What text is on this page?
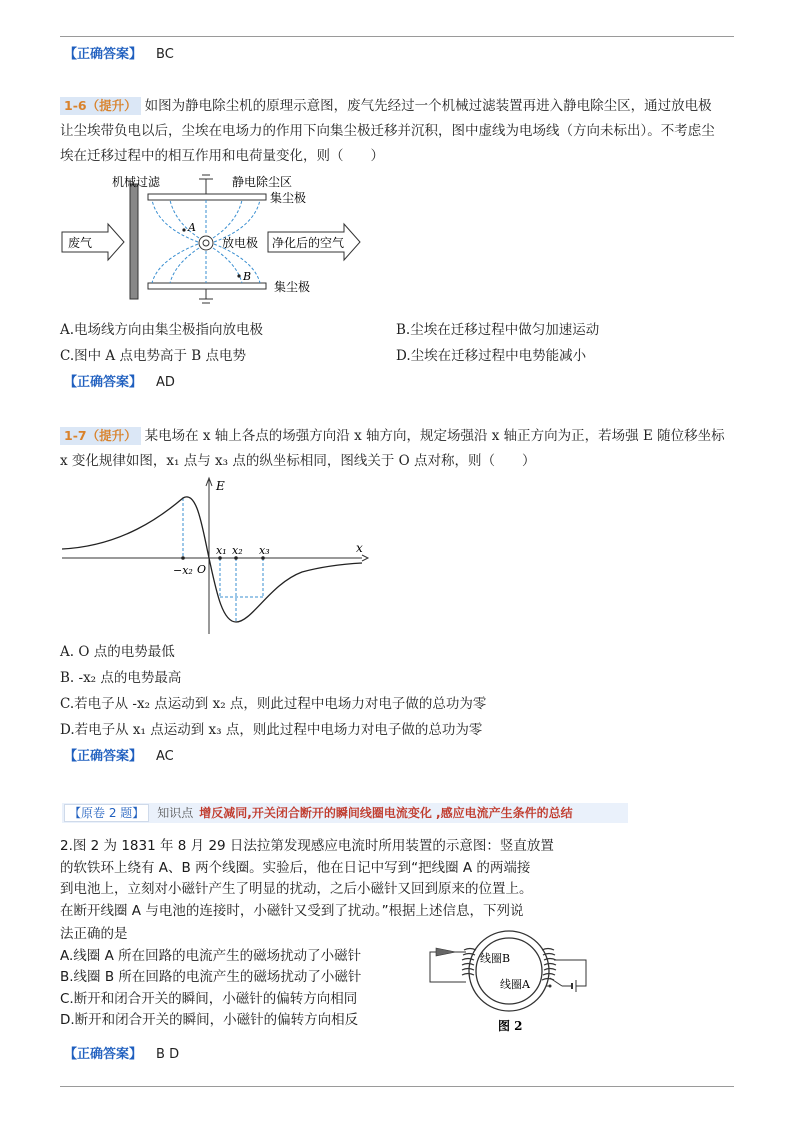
【正确答案】 BC
1-6（提升） 如图为静电除尘机的原理示意图，废气先经过一个机械过滤装置再进入静电除尘区，通过放电极
让尘埃带负电以后，尘埃在电场力的作用下向集尘极迁移并沉积，图中虚线为电场线（方向未标出）。不考虑尘
埃在迁移过程中的相互作用和电荷量变化，则（　　）
机械过滤	静电除尘区
集尘极
集尘极
放电极
A
B
废气	净化后的空气
A.电场线方向由集尘极指向放电极	B.尘埃在迁移过程中做匀加速运动
C.图中 A 点电势高于 B 点电势	D.尘埃在迁移过程中电势能减小
【正确答案】 AD
1-7（提升） 某电场在 x 轴上各点的场强方向沿 x 轴方向，规定场强沿 x 轴正方向为正，若场强 E 随位移坐标
x 变化规律如图，x₁ 点与 x₃ 点的纵坐标相同，图线关于 O 点对称，则（　　）
E
x
−x₂ O
x₁ x₂ x₃
A. O 点的电势最低
B. -x₂ 点的电势最高
C.若电子从 -x₂ 点运动到 x₂ 点，则此过程中电场力对电子做的总功为零
D.若电子从 x₁ 点运动到 x₃ 点，则此过程中电场力对电子做的总功为零
【正确答案】 AC
【原卷 2 题】 知识点 增反减同,开关闭合断开的瞬间线圈电流变化 ,感应电流产生条件的总结
2.图 2 为 1831 年 8 月 29 日法拉第发现感应电流时所用装置的示意图：竖直放置
的软铁环上绕有 A、B 两个线圈。实验后，他在日记中写到“把线圈 A 的两端接
到电池上，立刻对小磁针产生了明显的扰动，之后小磁针又回到原来的位置上。
在断开线圈 A 与电池的连接时，小磁针又受到了扰动。”根据上述信息，下列说
法正确的是
A.线圈 A 所在回路的电流产生的磁场扰动了小磁针
B.线圈 B 所在回路的电流产生的磁场扰动了小磁针
C.断开和闭合开关的瞬间，小磁针的偏转方向相同
D.断开和闭合开关的瞬间，小磁针的偏转方向相反
线圈B
线圈A
图 2
【正确答案】 B D
